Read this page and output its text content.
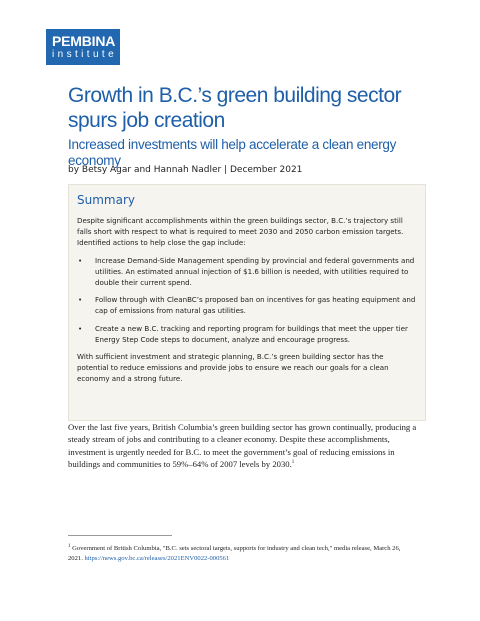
PEMBINA
institute
Growth in B.C.’s green building sector spurs job creation
Increased investments will help accelerate a clean energy economy
by Betsy Agar and Hannah Nadler | December 2021
Summary

Despite significant accomplishments within the green buildings sector, B.C.’s trajectory still falls short with respect to what is required to meet 2030 and 2050 carbon emission targets. Identified actions to help close the gap include:

• Increase Demand-Side Management spending by provincial and federal governments and utilities. An estimated annual injection of $1.6 billion is needed, with utilities required to double their current spend.
• Follow through with CleanBC’s proposed ban on incentives for gas heating equipment and cap of emissions from natural gas utilities.
• Create a new B.C. tracking and reporting program for buildings that meet the upper tier Energy Step Code steps to document, analyze and encourage progress.

With sufficient investment and strategic planning, B.C.’s green building sector has the potential to reduce emissions and provide jobs to ensure we reach our goals for a clean economy and a strong future.

Over the last five years, British Columbia’s green building sector has grown continually, producing a steady stream of jobs and contributing to a cleaner economy. Despite these accomplishments, investment is urgently needed for B.C. to meet the government’s goal of reducing emissions in buildings and communities to 59%–64% of 2007 levels by 2030.$^1$

$^1$ Government of British Columbia, "B.C. sets sectoral targets, supports for industry and clean tech," media release, March 26, 2021. https://news.gov.bc.ca/releases/2021ENV0022-000561
